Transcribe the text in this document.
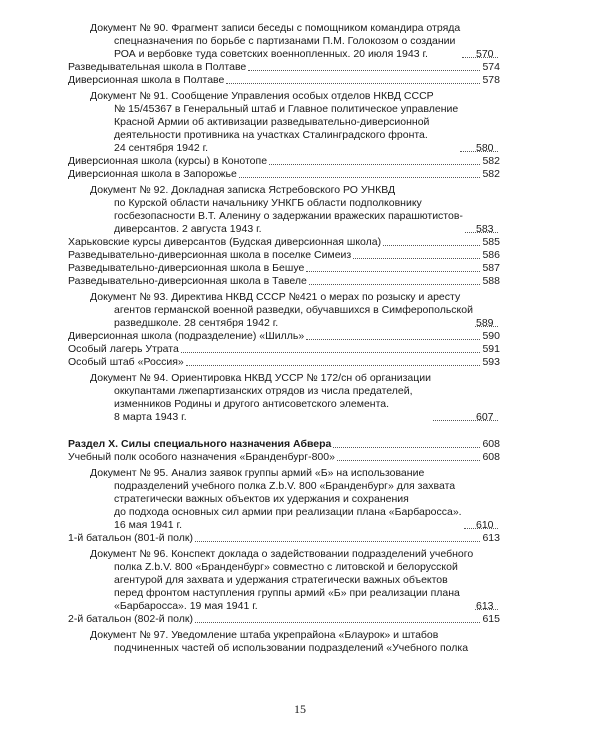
Документ № 90. Фрагмент записи беседы с помощником командира отряда
спецназначения по борьбе с партизанами П.М. Голокозом о создании
РОА и вербовке туда советских военнопленных. 20 июля 1943 г.	570
Разведывательная школа в Полтаве	574
Диверсионная школа в Полтаве	578
Документ № 91. Сообщение Управления особых отделов НКВД СССР
№ 15/45367 в Генеральный штаб и Главное политическое управление
Красной Армии об активизации разведывательно-диверсионной
деятельности противника на участках Сталинградского фронта.
24 сентября 1942 г.	580
Диверсионная школа (курсы) в Конотопе	582
Диверсионная школа в Запорожье	582
Документ № 92. Докладная записка Ястребовского РО УНКВД
по Курской области начальнику УНКГБ области подполковнику
госбезопасности В.Т. Аленину о задержании вражеских парашютистов-
диверсантов. 2 августа 1943 г.	583
Харьковские курсы диверсантов (Будская диверсионная школа)	585
Разведывательно-диверсионная школа в поселке Симеиз	586
Разведывательно-диверсионная школа в Бешуе	587
Разведывательно-диверсионная школа в Тавеле	588
Документ № 93. Директива НКВД СССР №421 о мерах по розыску и аресту
агентов германской военной разведки, обучавшихся в Симферопольской
разведшколе. 28 сентября 1942 г.	589
Диверсионная школа (подразделение) «Шилль»	590
Особый лагерь Утрата	591
Особый штаб «Россия»	593
Документ № 94. Ориентировка НКВД УССР № 172/сн об организации
оккупантами лжепартизанских отрядов из числа предателей,
изменников Родины и другого антисоветского элемента.
8 марта 1943 г.	607
Раздел X. Силы специального назначения Абвера	608
Учебный полк особого назначения «Бранденбург-800»	608
Документ № 95. Анализ заявок группы армий «Б» на использование
подразделений учебного полка Z.b.V. 800 «Бранденбург» для захвата
стратегически важных объектов их удержания и сохранения
до подхода основных сил армии при реализации плана «Барбаросса».
16 мая 1941 г.	610
1-й батальон (801-й полк)	613
Документ № 96. Конспект доклада о задействовании подразделений учебного
полка Z.b.V. 800 «Бранденбург» совместно с литовской и белорусской
агентурой для захвата и удержания стратегически важных объектов
перед фронтом наступления группы армий «Б» при реализации плана
«Барбаросса». 19 мая 1941 г.	613
2-й батальон (802-й полк)	615
Документ № 97. Уведомление штаба укрепрайона «Блаурок» и штабов
подчиненных частей об использовании подразделений «Учебного полка
15
